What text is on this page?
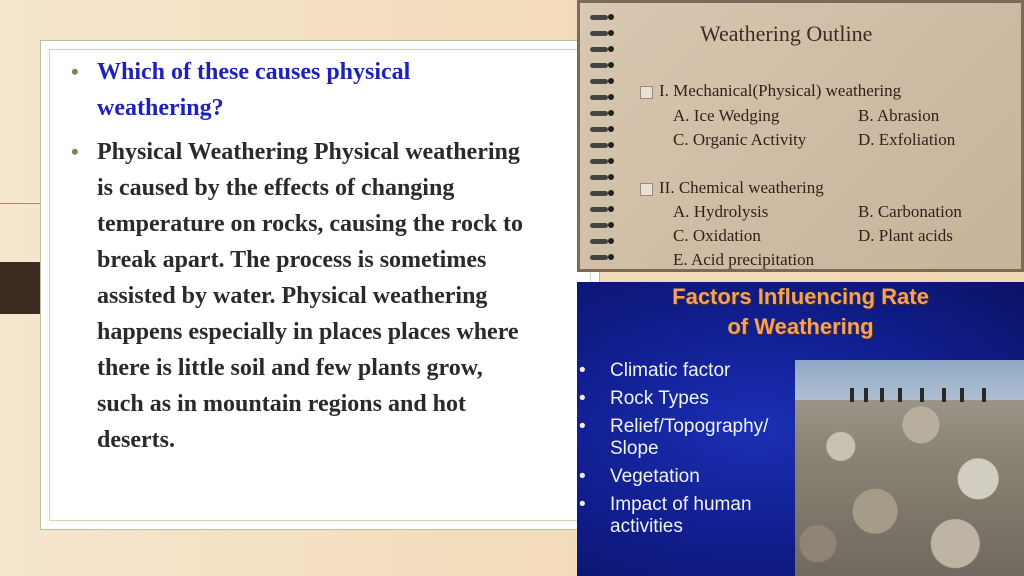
• Which of these causes physical weathering?
• Physical Weathering Physical weathering is caused by the effects of changing temperature on rocks, causing the rock to break apart. The process is sometimes assisted by water. Physical weathering happens especially in places places where there is little soil and few plants grow, such as in mountain regions and hot deserts.
Weathering Outline
I. Mechanical(Physical) weathering
A. Ice Wedging	B. Abrasion
C. Organic Activity	D. Exfoliation
II. Chemical weathering
A. Hydrolysis	B. Carbonation
C. Oxidation	D. Plant acids
E. Acid precipitation
Factors Influencing Rate
of Weathering
• Climatic factor
• Rock Types
• Relief/Topography/ Slope
• Vegetation
• Impact of human activities
